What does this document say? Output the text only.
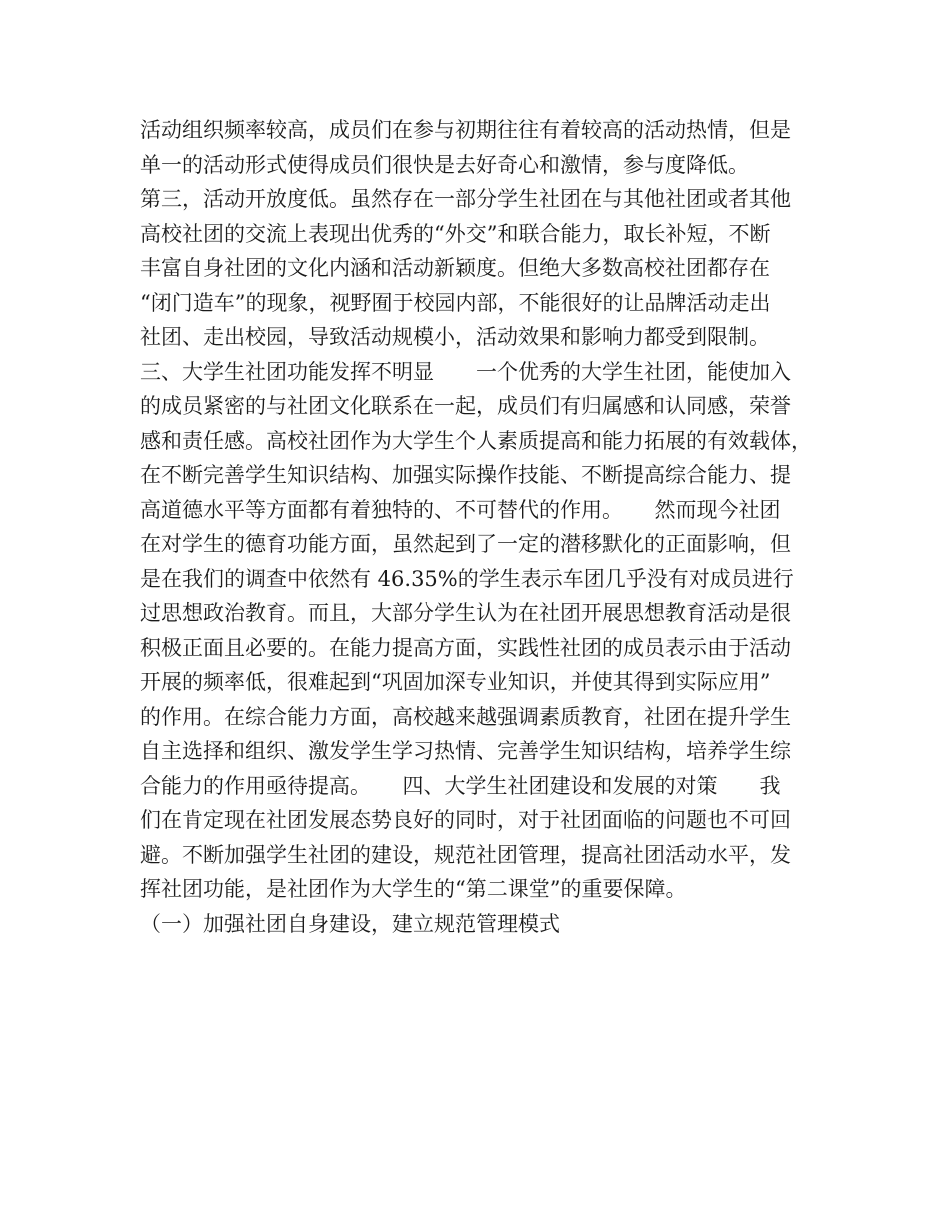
活动组织频率较高，成员们在参与初期往往有着较高的活动热情，但是
单一的活动形式使得成员们很快是去好奇心和激情，参与度降低。
第三，活动开放度低。虽然存在一部分学生社团在与其他社团或者其他
高校社团的交流上表现出优秀的“外交”和联合能力，取长补短，不断
丰富自身社团的文化内涵和活动新颖度。但绝大多数高校社团都存在
“闭门造车”的现象，视野囿于校园内部，不能很好的让品牌活动走出
社团、走出校园，导致活动规模小，活动效果和影响力都受到限制。
三、大学生社团功能发挥不明显　　一个优秀的大学生社团，能使加入
的成员紧密的与社团文化联系在一起，成员们有归属感和认同感，荣誉
感和责任感。高校社团作为大学生个人素质提高和能力拓展的有效载体，
在不断完善学生知识结构、加强实际操作技能、不断提高综合能力、提
高道德水平等方面都有着独特的、不可替代的作用。　　然而现今社团
在对学生的德育功能方面，虽然起到了一定的潜移默化的正面影响，但
是在我们的调查中依然有 46.35%的学生表示车团几乎没有对成员进行
过思想政治教育。而且，大部分学生认为在社团开展思想教育活动是很
积极正面且必要的。在能力提高方面，实践性社团的成员表示由于活动
开展的频率低，很难起到“巩固加深专业知识，并使其得到实际应用”
的作用。在综合能力方面，高校越来越强调素质教育，社团在提升学生
自主选择和组织、激发学生学习热情、完善学生知识结构，培养学生综
合能力的作用亟待提高。　　四、大学生社团建设和发展的对策　　我
们在肯定现在社团发展态势良好的同时，对于社团面临的问题也不可回
避。不断加强学生社团的建设，规范社团管理，提高社团活动水平，发
挥社团功能，是社团作为大学生的“第二课堂”的重要保障。
（一）加强社团自身建设，建立规范管理模式
